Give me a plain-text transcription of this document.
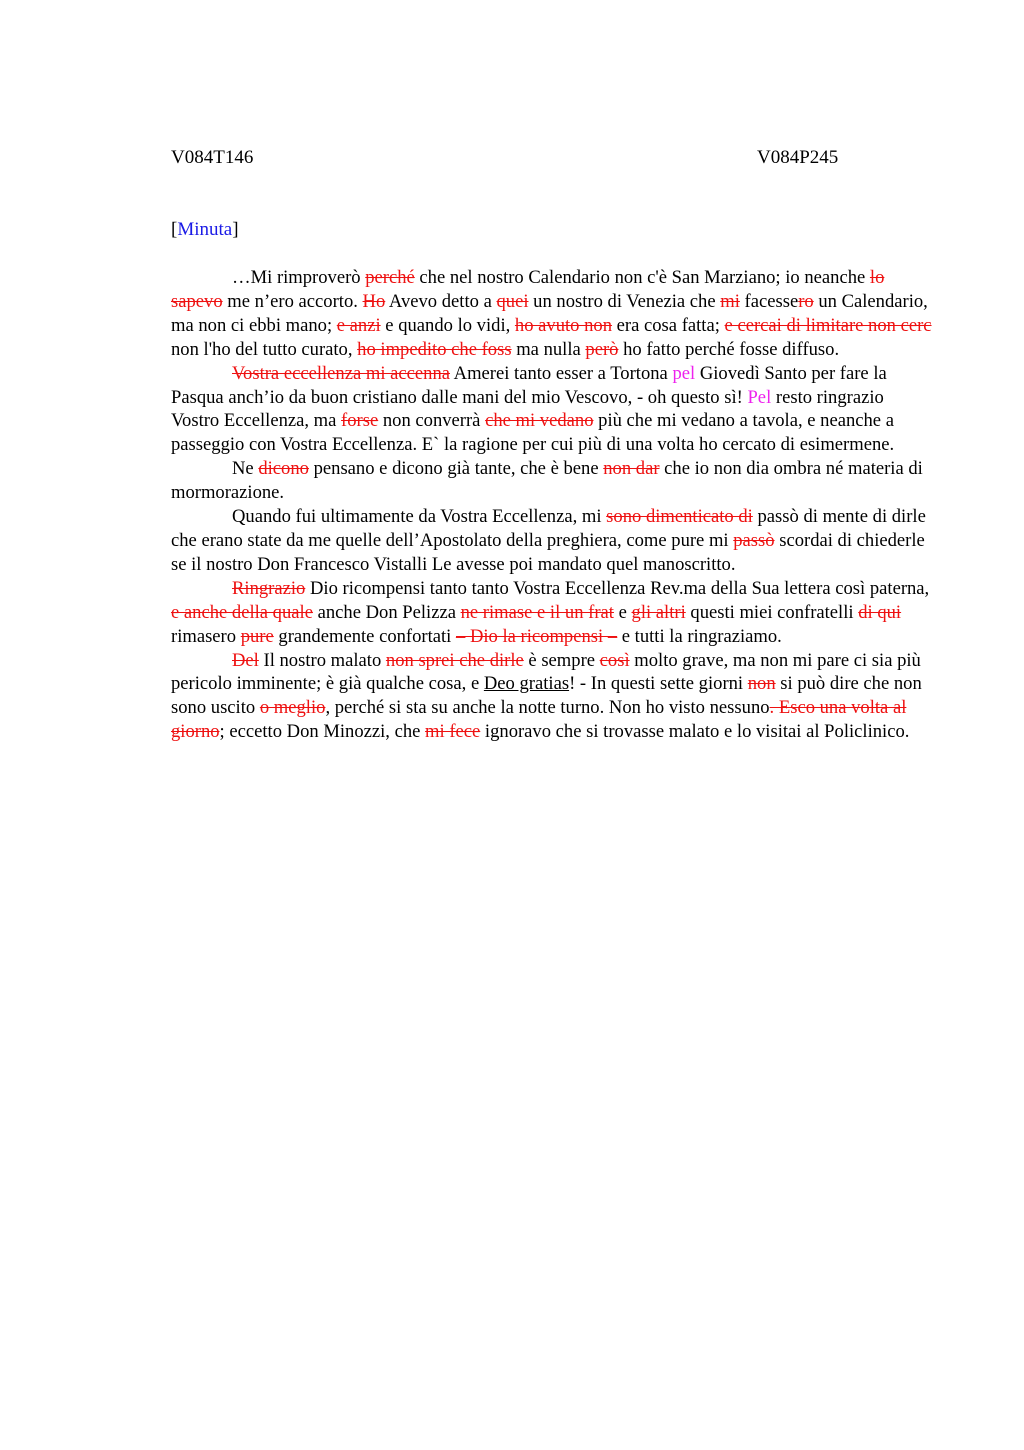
V084T146	V084P245
[Minuta]

…Mi rimproverò perché che nel nostro Calendario non c'è San Marziano; io neanche lo sapevo me n’ero accorto. Ho Avevo detto a quei un nostro di Venezia che mi facessero un Calendario, ma non ci ebbi mano; e anzi e quando lo vidi, ho avuto non era cosa fatta; e cercai di limitare non cerc non l'ho del tutto curato, ho impedito che foss ma nulla però ho fatto perché fosse diffuso.

Vostra eccellenza mi accenna Amerei tanto esser a Tortona pel Giovedì Santo per fare la Pasqua anch’io da buon cristiano dalle mani del mio Vescovo, - oh questo sì! Pel resto ringrazio Vostro Eccellenza, ma forse non converrà che mi vedano più che mi vedano a tavola, e neanche a passeggio con Vostra Eccellenza. E` la ragione per cui più di una volta ho cercato di esimermene.

Ne dicono pensano e dicono già tante, che è bene non dar che io non dia ombra né materia di mormorazione.

Quando fui ultimamente da Vostra Eccellenza, mi sono dimenticato di passò di mente di dirle che erano state da me quelle dell’Apostolato della preghiera, come pure mi passò scordai di chiederle se il nostro Don Francesco Vistalli Le avesse poi mandato quel manoscritto.

Ringrazio Dio ricompensi tanto tanto Vostra Eccellenza Rev.ma della Sua lettera così paterna, e anche della quale anche Don Pelizza ne rimase e il un frat e gli altri questi miei confratelli di qui rimasero pure grandemente confortati – Dio la ricompensi – e tutti la ringraziamo.

Del Il nostro malato non sprei che dirle è sempre così molto grave, ma non mi pare ci sia più pericolo imminente; è già qualche cosa, e Deo gratias! - In questi sette giorni non si può dire che non sono uscito o meglio, perché si sta su anche la notte turno. Non ho visto nessuno. Esco una volta al giorno; eccetto Don Minozzi, che mi fece ignoravo che si trovasse malato e lo visitai al Policlinico.
